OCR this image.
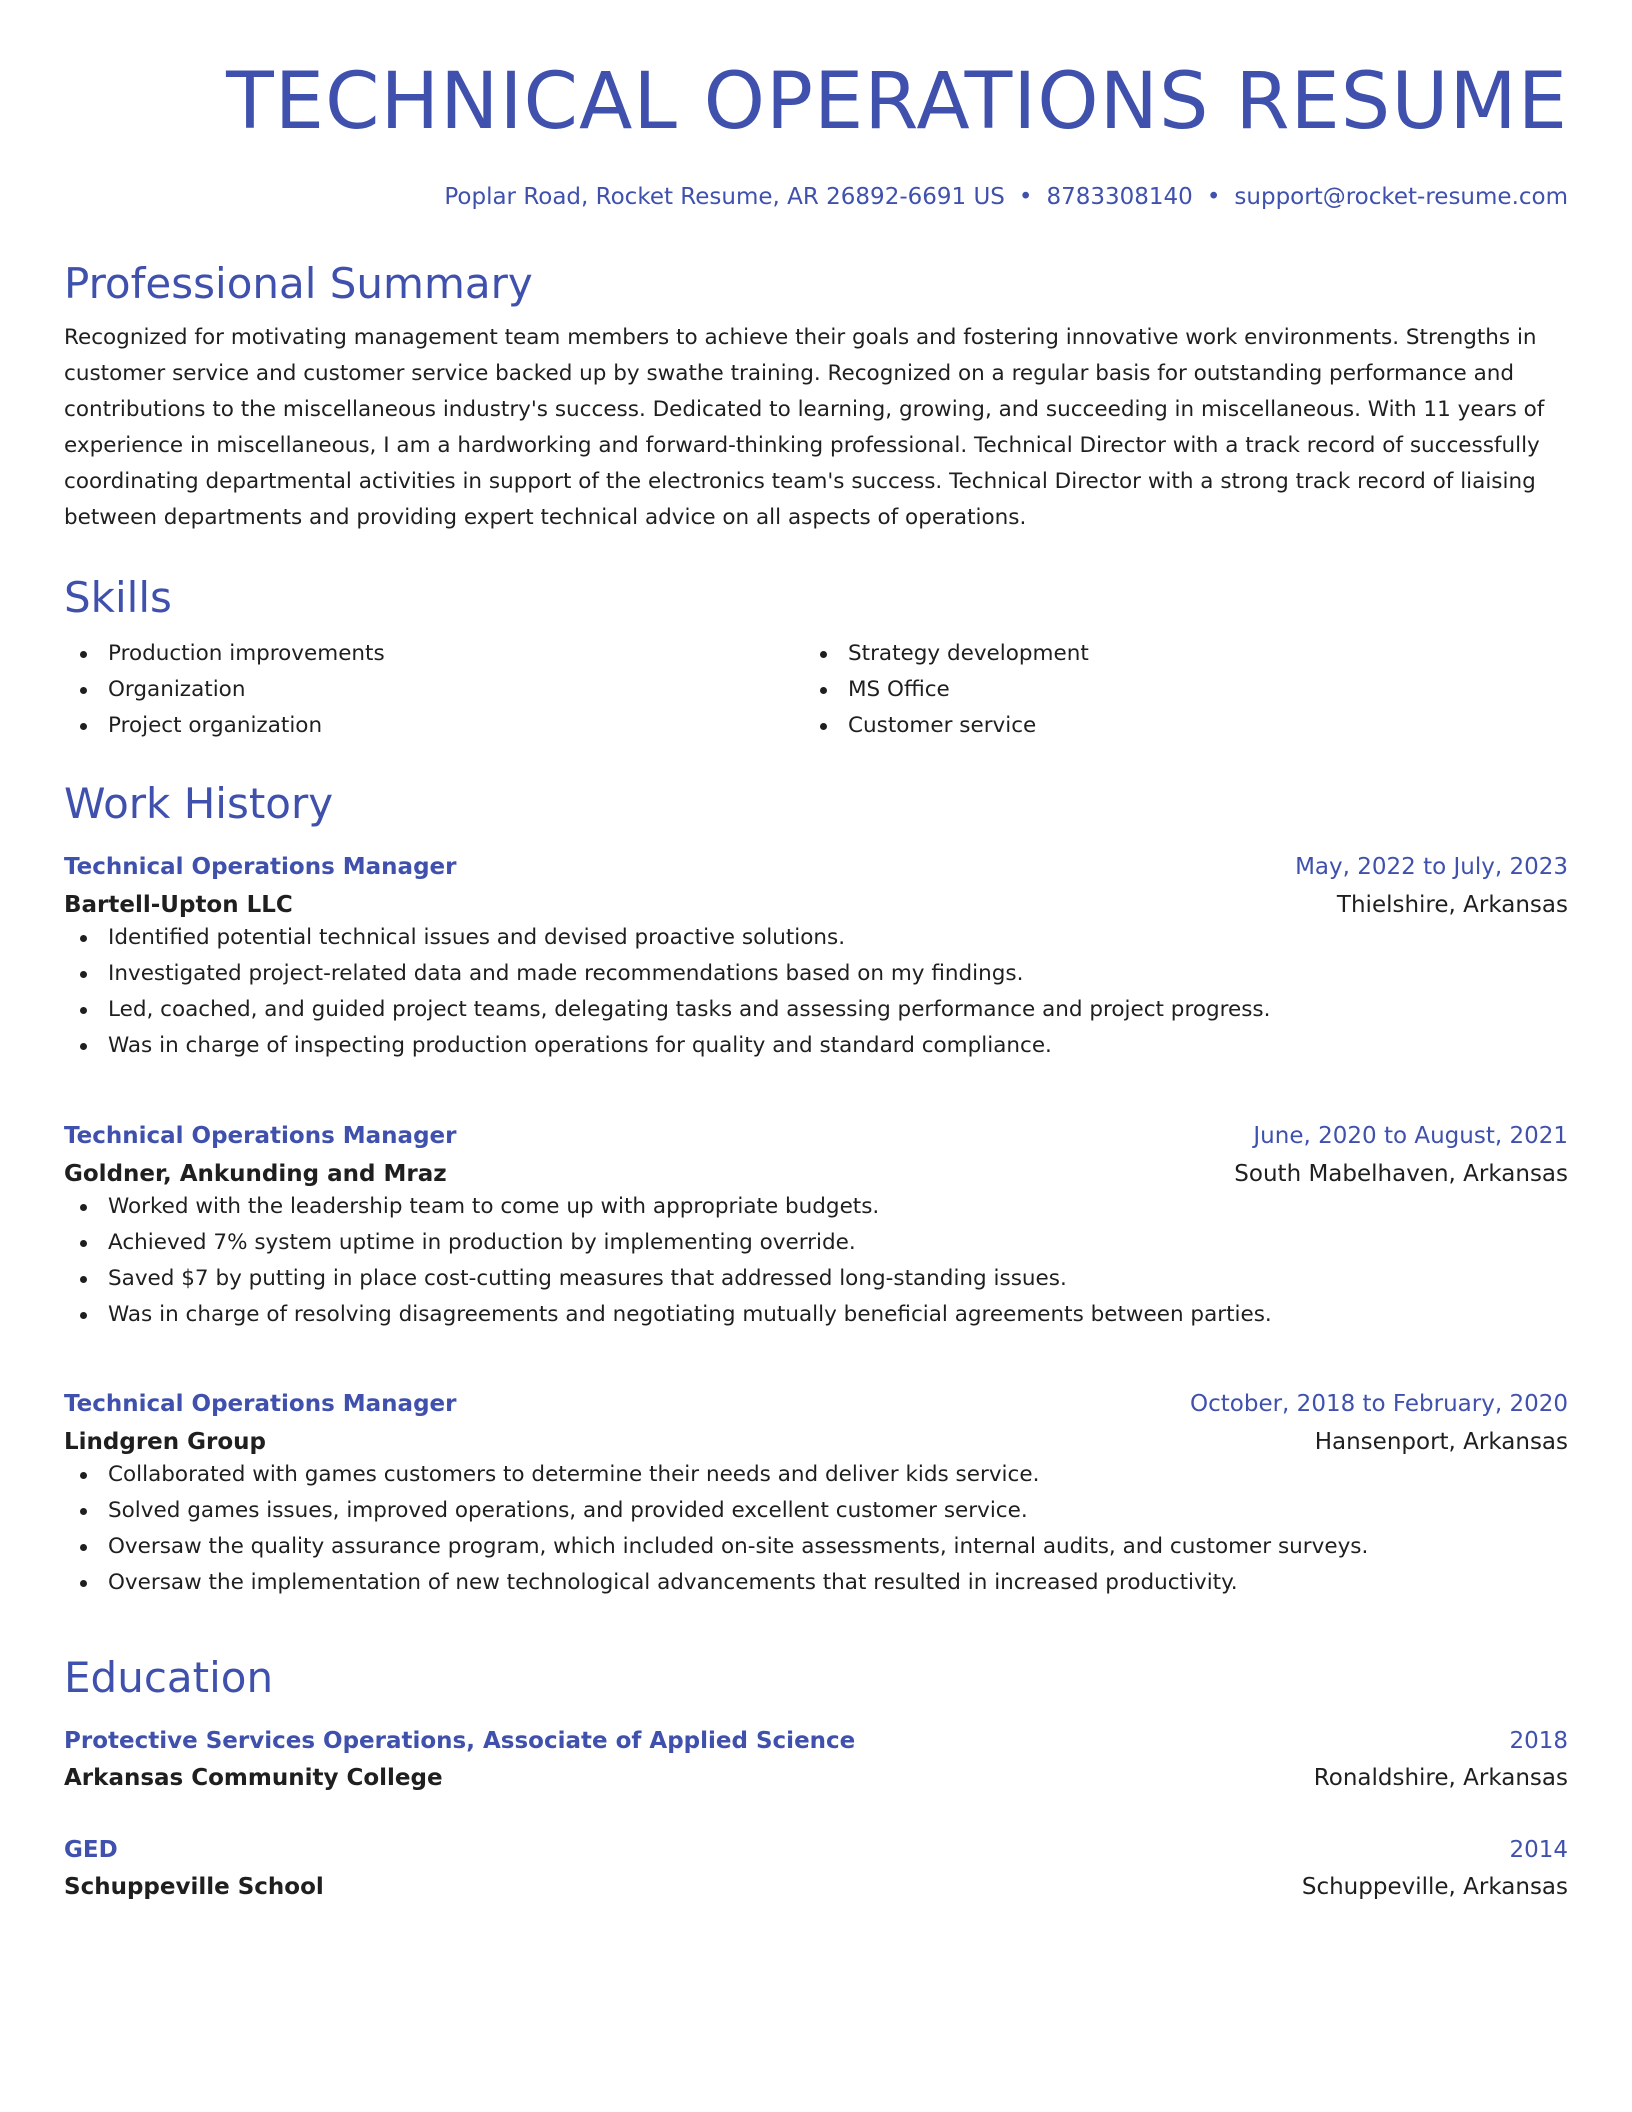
TECHNICAL OPERATIONS RESUME
Poplar Road, Rocket Resume, AR 26892-6691 US • 8783308140 • support@rocket-resume.com
Professional Summary

Recognized for motivating management team members to achieve their goals and fostering innovative work environments. Strengths in customer service and customer service backed up by swathe training. Recognized on a regular basis for outstanding performance and contributions to the miscellaneous industry's success. Dedicated to learning, growing, and succeeding in miscellaneous. With 11 years of experience in miscellaneous, I am a hardworking and forward-thinking professional. Technical Director with a track record of successfully coordinating departmental activities in support of the electronics team's success. Technical Director with a strong track record of liaising between departments and providing expert technical advice on all aspects of operations.

Skills
Production improvements
Organization
Project organization
Strategy development
MS Office
Customer service
Work History
Technical Operations Manager	May, 2022 to July, 2023
Bartell-Upton LLC	Thielshire, Arkansas
Identified potential technical issues and devised proactive solutions.
Investigated project-related data and made recommendations based on my findings.
Led, coached, and guided project teams, delegating tasks and assessing performance and project progress.
Was in charge of inspecting production operations for quality and standard compliance.
Technical Operations Manager	June, 2020 to August, 2021
Goldner, Ankunding and Mraz	South Mabelhaven, Arkansas
Worked with the leadership team to come up with appropriate budgets.
Achieved 7% system uptime in production by implementing override.
Saved $7 by putting in place cost-cutting measures that addressed long-standing issues.
Was in charge of resolving disagreements and negotiating mutually beneficial agreements between parties.
Technical Operations Manager	October, 2018 to February, 2020
Lindgren Group	Hansenport, Arkansas
Collaborated with games customers to determine their needs and deliver kids service.
Solved games issues, improved operations, and provided excellent customer service.
Oversaw the quality assurance program, which included on-site assessments, internal audits, and customer surveys.
Oversaw the implementation of new technological advancements that resulted in increased productivity.
Education
Protective Services Operations, Associate of Applied Science	2018
Arkansas Community College	Ronaldshire, Arkansas
GED	2014
Schuppeville School	Schuppeville, Arkansas
